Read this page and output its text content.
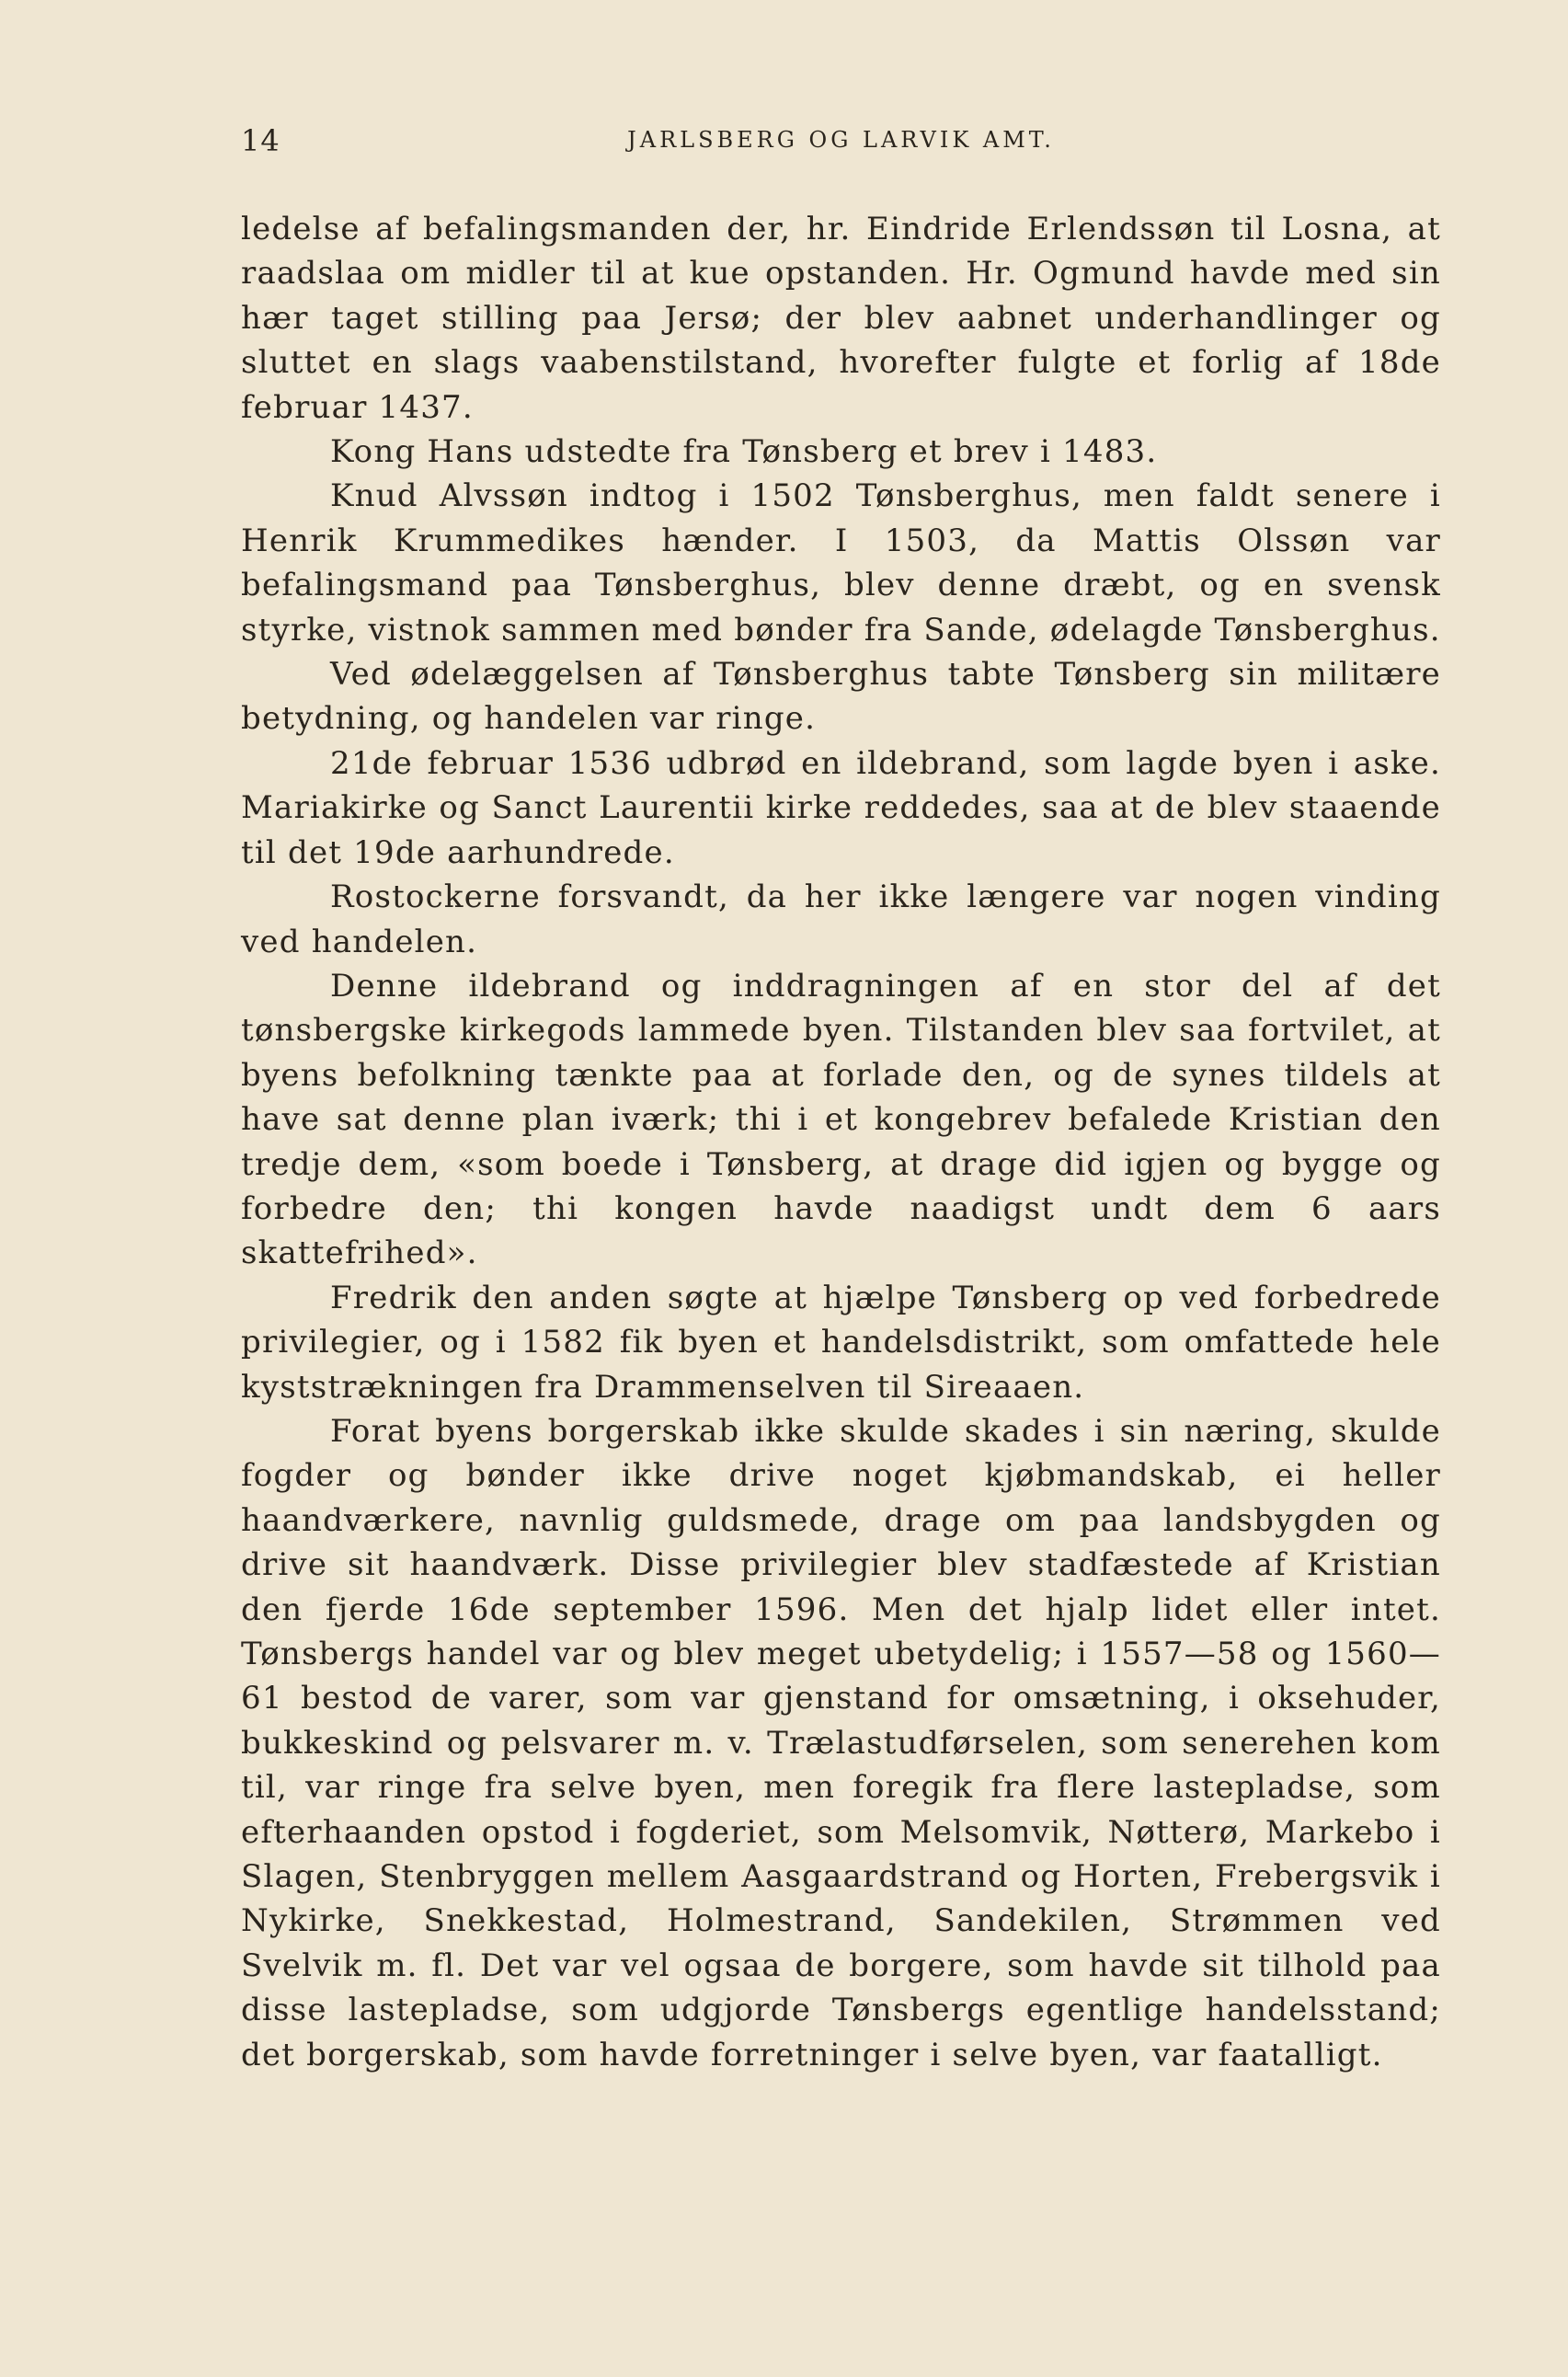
14	JARLSBERG OG LARVIK AMT.

ledelse af befalingsmanden der, hr. Eindride Erlendssøn til Losna, at raadslaa om midler til at kue opstanden. Hr. Ogmund havde med sin hær taget stilling paa Jersø; der blev aabnet underhandlinger og sluttet en slags vaabenstilstand, hvorefter fulgte et forlig af 18de februar 1437.

Kong Hans udstedte fra Tønsberg et brev i 1483.

Knud Alvssøn indtog i 1502 Tønsberghus, men faldt senere i Henrik Krummedikes hænder. I 1503, da Mattis Olssøn var befalingsmand paa Tønsberghus, blev denne dræbt, og en svensk styrke, vistnok sammen med bønder fra Sande, ødelagde Tønsberghus.

Ved ødelæggelsen af Tønsberghus tabte Tønsberg sin militære betydning, og handelen var ringe.

21de februar 1536 udbrød en ildebrand, som lagde byen i aske. Mariakirke og Sanct Laurentii kirke reddedes, saa at de blev staaende til det 19de aarhundrede.

Rostockerne forsvandt, da her ikke længere var nogen vinding ved handelen.

Denne ildebrand og inddragningen af en stor del af det tønsbergske kirkegods lammede byen. Tilstanden blev saa fortvilet, at byens befolkning tænkte paa at forlade den, og de synes tildels at have sat denne plan iværk; thi i et kongebrev befalede Kristian den tredje dem, «som boede i Tønsberg, at drage did igjen og bygge og forbedre den; thi kongen havde naadigst undt dem 6 aars skattefrihed».

Fredrik den anden søgte at hjælpe Tønsberg op ved forbedrede privilegier, og i 1582 fik byen et handelsdistrikt, som omfattede hele kyststrækningen fra Drammenselven til Sireaaen.

Forat byens borgerskab ikke skulde skades i sin næring, skulde fogder og bønder ikke drive noget kjøbmandskab, ei heller haandværkere, navnlig guldsmede, drage om paa landsbygden og drive sit haandværk. Disse privilegier blev stadfæstede af Kristian den fjerde 16de september 1596. Men det hjalp lidet eller intet. Tønsbergs handel var og blev meget ubetydelig; i 1557—58 og 1560—61 bestod de varer, som var gjenstand for omsætning, i oksehuder, bukkeskind og pelsvarer m. v. Trælastudførselen, som senerehen kom til, var ringe fra selve byen, men foregik fra flere lastepladse, som efterhaanden opstod i fogderiet, som Melsomvik, Nøtterø, Markebo i Slagen, Stenbryggen mellem Aasgaardstrand og Horten, Frebergsvik i Nykirke, Snekkestad, Holmestrand, Sandekilen, Strømmen ved Svelvik m. fl. Det var vel ogsaa de borgere, som havde sit tilhold paa disse lastepladse, som udgjorde Tønsbergs egentlige handelsstand; det borgerskab, som havde forretninger i selve byen, var faatalligt.
